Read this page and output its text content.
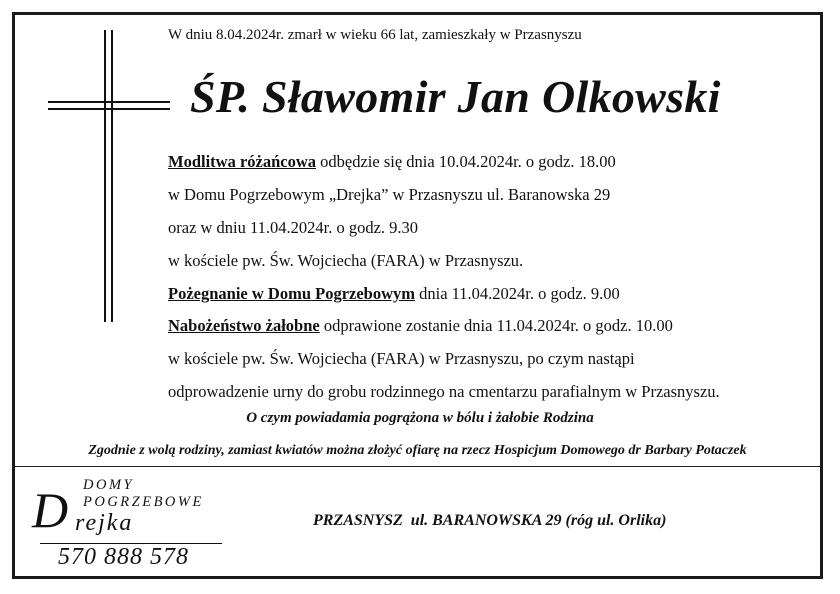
W dniu 8.04.2024r. zmarł w wieku 66 lat, zamieszkały w Przasnyszu
ŚP. Sławomir Jan Olkowski
Modlitwa różańcowa odbędzie się dnia 10.04.2024r. o godz. 18.00
w Domu Pogrzebowym „Drejka” w Przasnyszu ul. Baranowska 29
oraz w dniu 11.04.2024r. o godz. 9.30
w kościele pw. Św. Wojciecha (FARA) w Przasnyszu.
Pożegnanie w Domu Pogrzebowym dnia 11.04.2024r. o godz. 9.00
Nabożeństwo żałobne odprawione zostanie dnia 11.04.2024r. o godz. 10.00
w kościele pw. Św. Wojciecha (FARA) w Przasnyszu, po czym nastąpi
odprowadzenie urny do grobu rodzinnego na cmentarzu parafialnym w Przasnyszu.
O czym powiadamia pogrążona w bólu i żałobie Rodzina
Zgodnie z wolą rodziny, zamiast kwiatów można złożyć ofiarę na rzecz Hospicjum Domowego dr Barbary Potaczek
DOMY
POGRZEBOWE
D rejka
570 888 578
PRZASNYSZ  ul. BARANOWSKA 29 (róg ul. Orlika)
